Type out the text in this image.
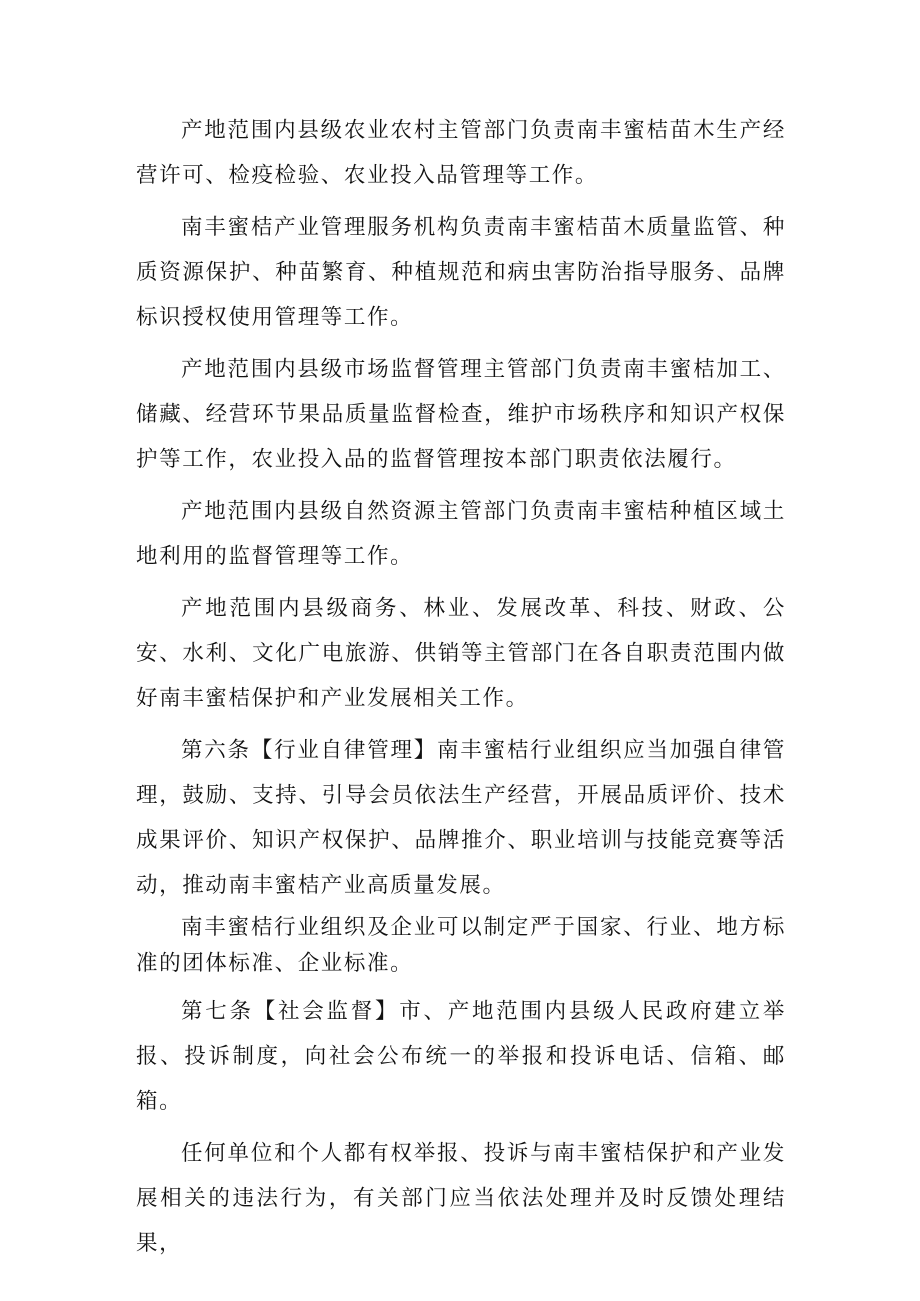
产地范围内县级农业农村主管部门负责南丰蜜桔苗木生产经营许可、检疫检验、农业投入品管理等工作。

南丰蜜桔产业管理服务机构负责南丰蜜桔苗木质量监管、种质资源保护、种苗繁育、种植规范和病虫害防治指导服务、品牌标识授权使用管理等工作。

产地范围内县级市场监督管理主管部门负责南丰蜜桔加工、储藏、经营环节果品质量监督检查，维护市场秩序和知识产权保护等工作，农业投入品的监督管理按本部门职责依法履行。

产地范围内县级自然资源主管部门负责南丰蜜桔种植区域土地利用的监督管理等工作。

产地范围内县级商务、林业、发展改革、科技、财政、公安、水利、文化广电旅游、供销等主管部门在各自职责范围内做好南丰蜜桔保护和产业发展相关工作。

第六条【行业自律管理】南丰蜜桔行业组织应当加强自律管理，鼓励、支持、引导会员依法生产经营，开展品质评价、技术成果评价、知识产权保护、品牌推介、职业培训与技能竞赛等活动，推动南丰蜜桔产业高质量发展。

南丰蜜桔行业组织及企业可以制定严于国家、行业、地方标准的团体标准、企业标准。

第七条【社会监督】市、产地范围内县级人民政府建立举报、投诉制度，向社会公布统一的举报和投诉电话、信箱、邮箱。

任何单位和个人都有权举报、投诉与南丰蜜桔保护和产业发展相关的违法行为，有关部门应当依法处理并及时反馈处理结果，
